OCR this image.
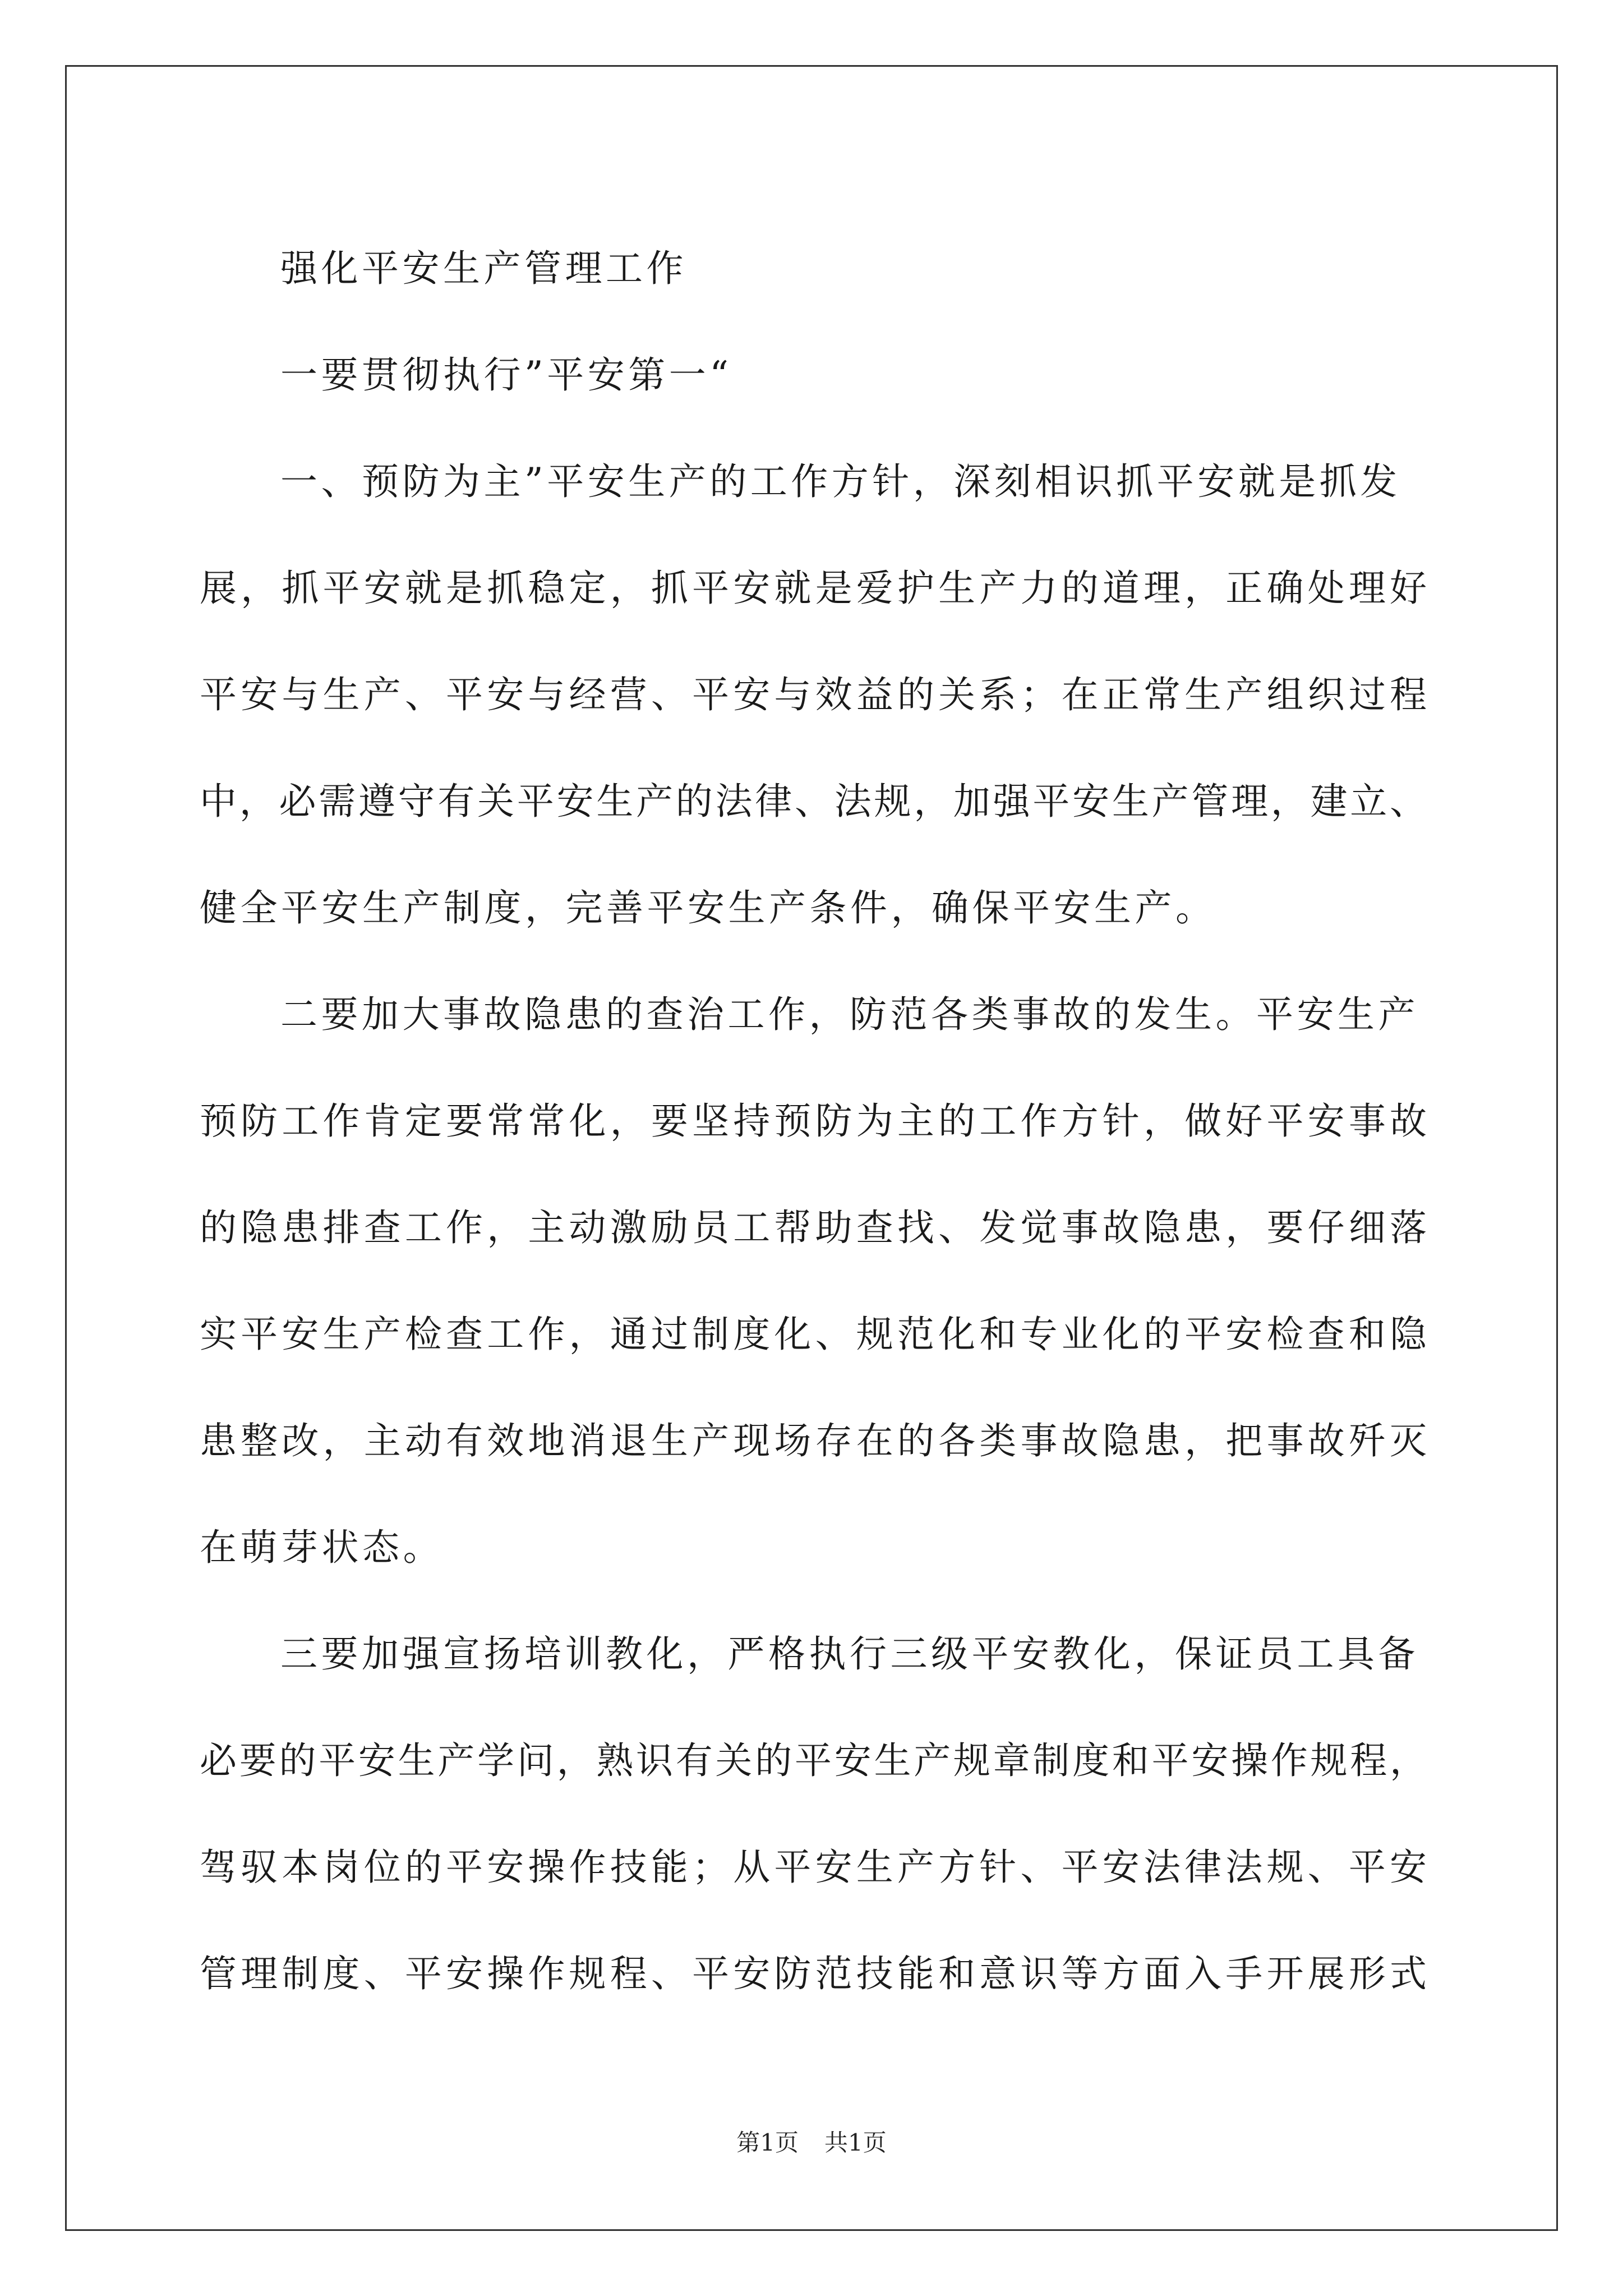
强化平安生产管理工作
一要贯彻执行”平安第一“
一、预防为主”平安生产的工作方针，深刻相识抓平安就是抓发
展，抓平安就是抓稳定，抓平安就是爱护生产力的道理，正确处理好
平安与生产、平安与经营、平安与效益的关系；在正常生产组织过程
中，必需遵守有关平安生产的法律、法规，加强平安生产管理，建立、
健全平安生产制度，完善平安生产条件，确保平安生产。
二要加大事故隐患的查治工作，防范各类事故的发生。平安生产
预防工作肯定要常常化，要坚持预防为主的工作方针，做好平安事故
的隐患排查工作，主动激励员工帮助查找、发觉事故隐患，要仔细落
实平安生产检查工作，通过制度化、规范化和专业化的平安检查和隐
患整改，主动有效地消退生产现场存在的各类事故隐患，把事故歼灭
在萌芽状态。
三要加强宣扬培训教化，严格执行三级平安教化，保证员工具备
必要的平安生产学问，熟识有关的平安生产规章制度和平安操作规程，
驾驭本岗位的平安操作技能；从平安生产方针、平安法律法规、平安
管理制度、平安操作规程、平安防范技能和意识等方面入手开展形式
第1页 共1页
